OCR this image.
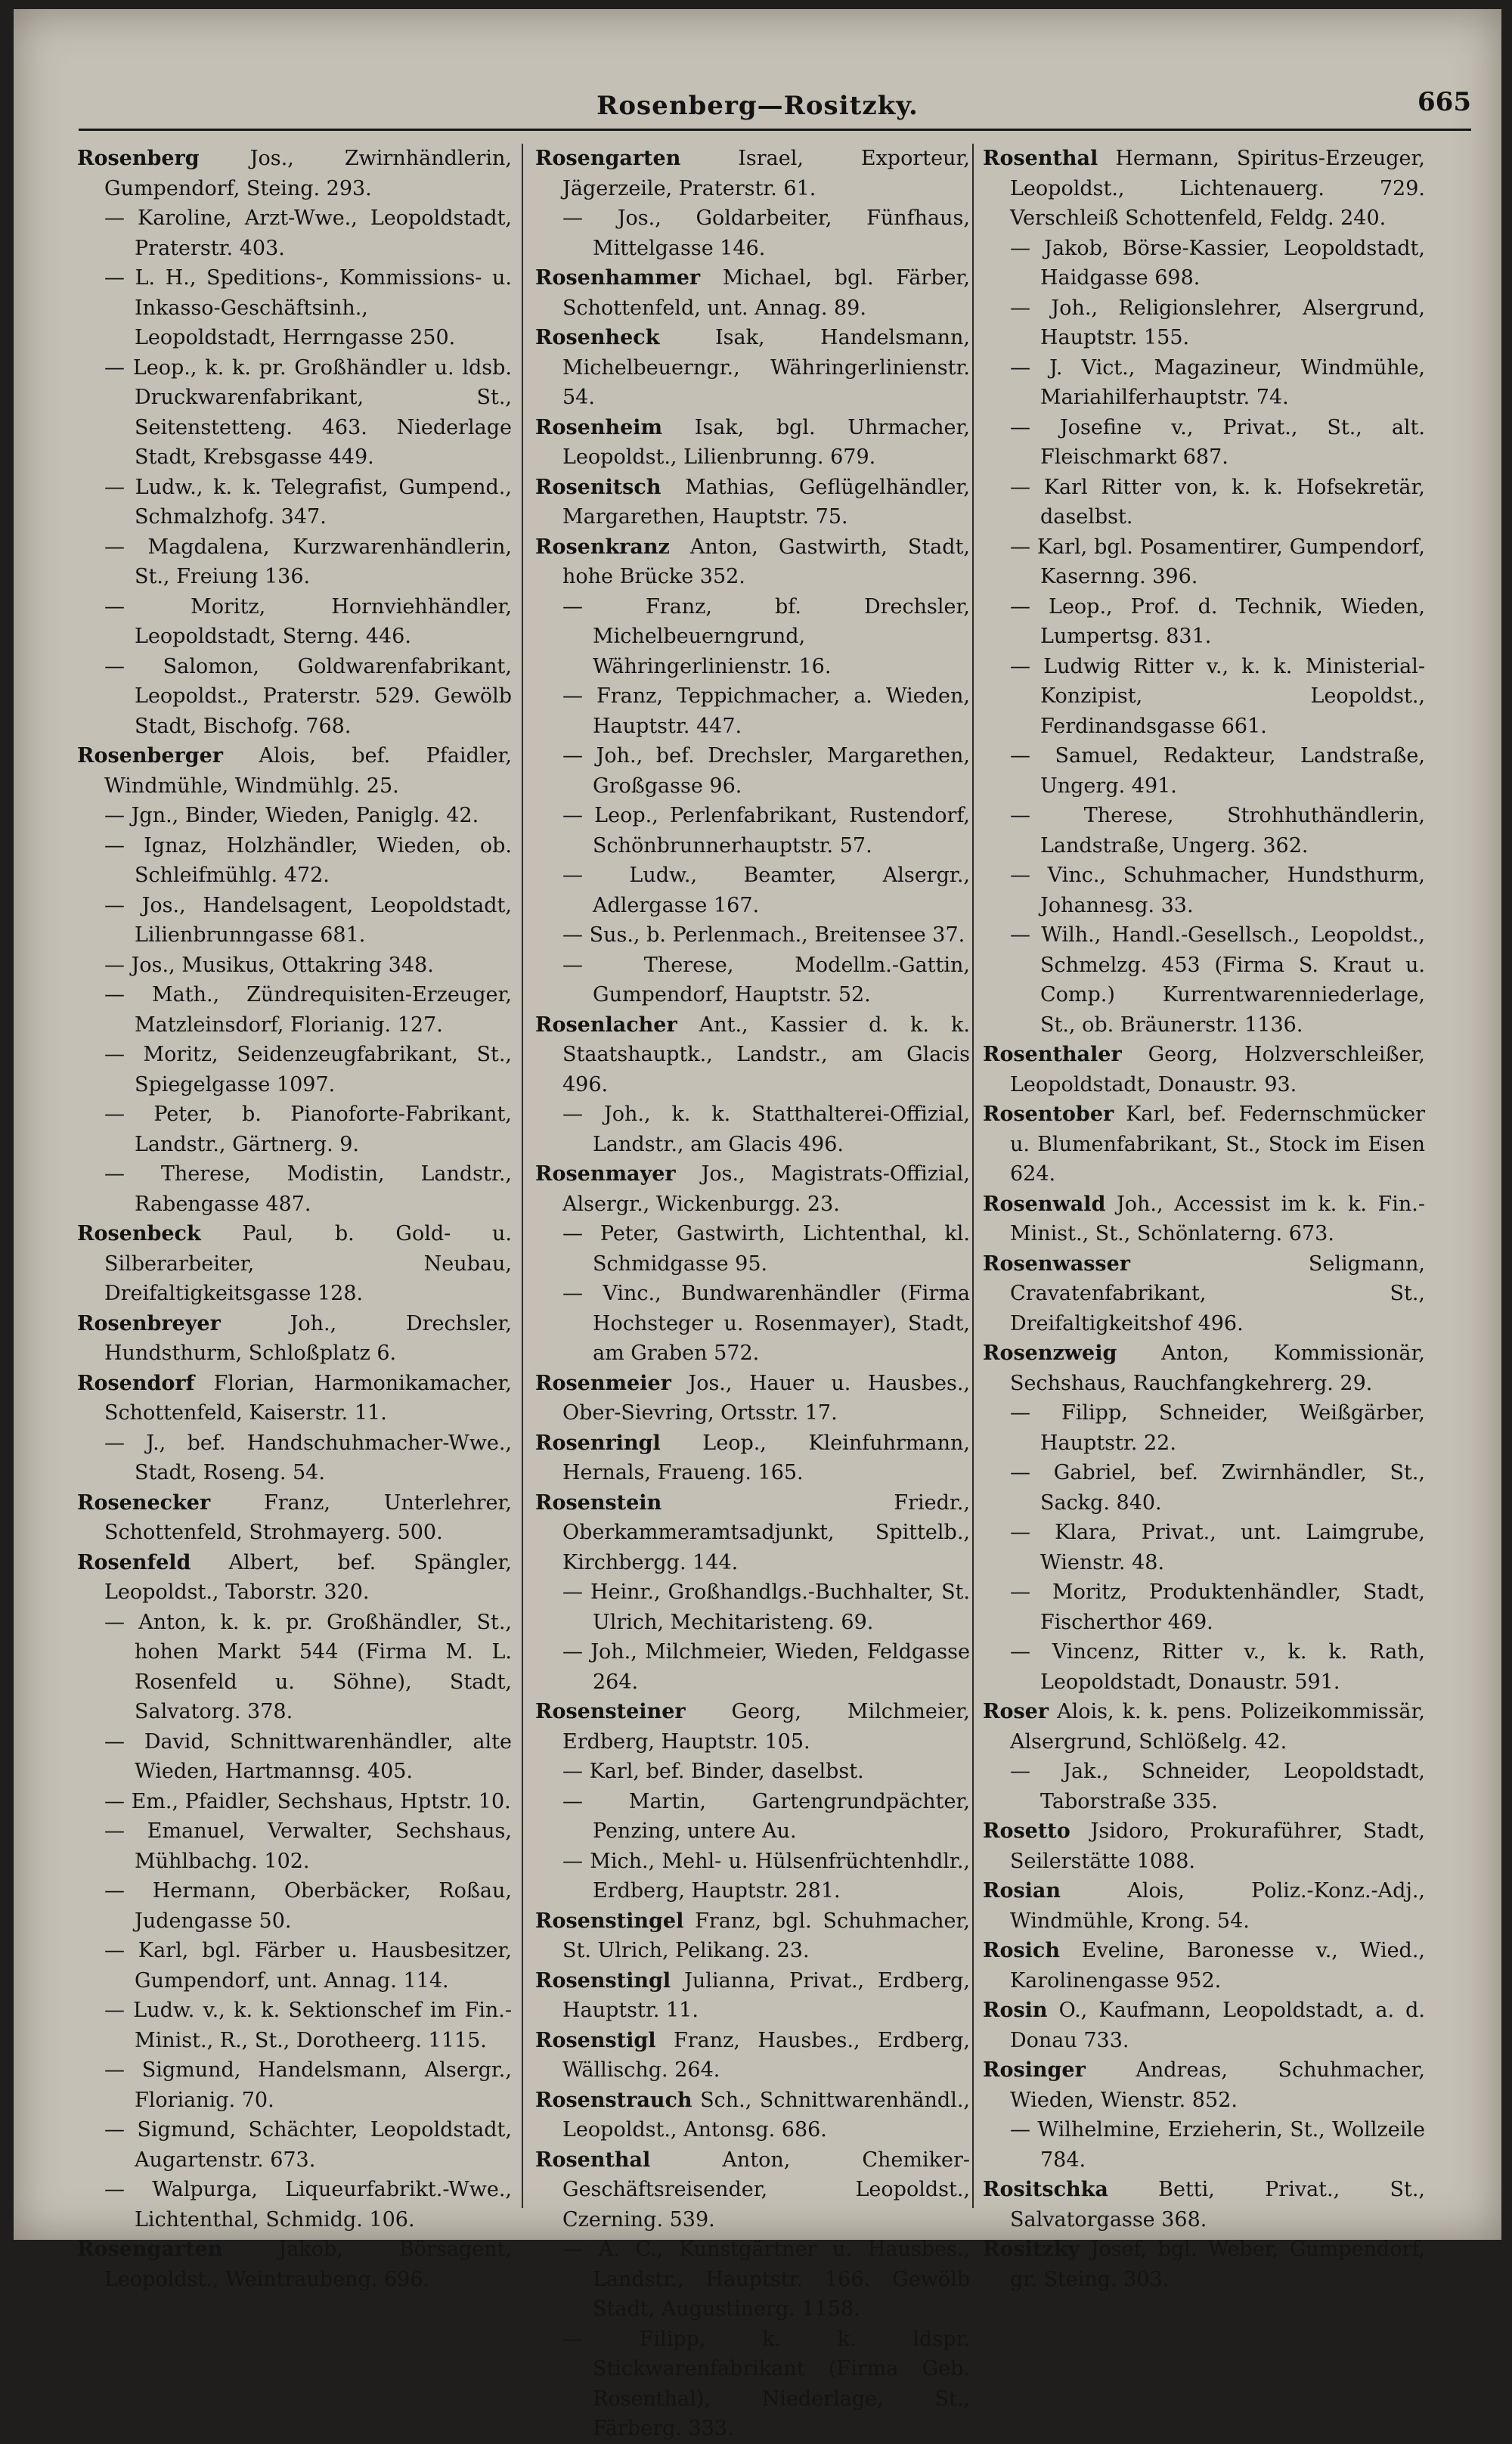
Rosenberg—Rositzky.	665

Rosenberg Jos., Zwirnhändlerin, Gumpendorf, Steing. 293.

— Karoline, Arzt-Wwe., Leopoldstadt, Praterstr. 403.

— L. H., Speditions-, Kommissions- u. Inkasso-Geschäftsinh., Leopoldstadt, Herrngasse 250.

— Leop., k. k. pr. Großhändler u. ldsb. Druckwarenfabrikant, St., Seitenstetteng. 463. Niederlage Stadt, Krebsgasse 449.

— Ludw., k. k. Telegrafist, Gumpend., Schmalzhofg. 347.

— Magdalena, Kurzwarenhändlerin, St., Freiung 136.

—	Moritz, Hornviehhändler, Leopoldstadt, Sterng. 446.

— Salomon, Goldwarenfabrikant, Leopoldst., Praterstr. 529. Gewölb Stadt, Bischofg. 768.

Rosenberger Alois, bef. Pfaidler, Windmühle, Windmühlg. 25.

— Jgn., Binder, Wieden, Paniglg. 42.

— Ignaz, Holzhändler, Wieden, ob. Schleifmühlg. 472.

— Jos., Handelsagent, Leopoldstadt, Lilienbrunngasse 681.

— Jos., Musikus, Ottakring 348.

— Math., Zündrequisiten-Erzeuger, Matzleinsdorf, Florianig. 127.

— Moritz, Seidenzeugfabrikant, St., Spiegelgasse 1097.

— Peter, b. Pianoforte-Fabrikant, Landstr., Gärtnerg. 9.

— Therese, Modistin, Landstr., Rabengasse 487.

Rosenbeck Paul, b. Gold- u. Silberarbeiter, Neubau, Dreifaltigkeitsgasse 128.

Rosenbreyer	Joh., Drechsler, Hundsthurm, Schloßplatz 6.

Rosendorf Florian, Harmonikamacher, Schottenfeld, Kaiserstr. 11.

— J., bef. Handschuhmacher-Wwe., Stadt, Roseng. 54.

Rosenecker	Franz, Unterlehrer, Schottenfeld, Strohmayerg. 500.

Rosenfeld Albert, bef. Spängler, Leopoldst., Taborstr. 320.

— Anton, k. k. pr. Großhändler, St., hohen Markt 544 (Firma M. L. Rosenfeld u. Söhne), Stadt, Salvatorg. 378.

— David, Schnittwarenhändler, alte Wieden, Hartmannsg. 405.

— Em., Pfaidler, Sechshaus, Hptstr. 10.

— Emanuel, Verwalter, Sechshaus, Mühlbachg. 102.

— Hermann, Oberbäcker, Roßau, Judengasse 50.

— Karl, bgl. Färber u. Hausbesitzer, Gumpendorf, unt. Annag. 114.

— Ludw. v., k. k. Sektionschef im Fin.-Minist., R., St., Dorotheerg. 1115.

— Sigmund, Handelsmann, Alsergr., Florianig. 70.

— Sigmund, Schächter, Leopoldstadt, Augartenstr. 673.

— Walpurga, Liqueurfabrikt.-Wwe., Lichtenthal, Schmidg. 106.

Rosengarten	Jakob, Börsagent, Leopoldst., Weintraubeng. 696.

Rosengarten	Israel, Exporteur, Jägerzeile, Praterstr. 61.

— Jos., Goldarbeiter, Fünfhaus, Mittelgasse 146.

Rosenhammer Michael, bgl. Färber, Schottenfeld, unt. Annag. 89.

Rosenheck	Isak, Handelsmann, Michelbeuerngr., Währingerlinienstr. 54.

Rosenheim Isak, bgl. Uhrmacher, Leopoldst., Lilienbrunng. 679.

Rosenitsch Mathias, Geflügelhändler, Margarethen, Hauptstr. 75.

Rosenkranz Anton, Gastwirth, Stadt, hohe Brücke 352.

—	Franz, bf. Drechsler, Michelbeuerngrund, Währingerlinienstr. 16.

— Franz, Teppichmacher, a. Wieden, Hauptstr. 447.

— Joh., bef. Drechsler, Margarethen, Großgasse 96.

— Leop., Perlenfabrikant, Rustendorf, Schönbrunnerhauptstr. 57.

— Ludw., Beamter, Alsergr., Adlergasse 167.

— Sus., b. Perlenmach., Breitensee 37.

—	Therese, Modellm.-Gattin, Gumpendorf, Hauptstr. 52.

Rosenlacher Ant., Kassier d. k. k. Staatshauptk., Landstr., am Glacis 496.

— Joh., k. k. Statthalterei-Offizial, Landstr., am Glacis 496.

Rosenmayer Jos., Magistrats-Offizial, Alsergr., Wickenburgg. 23.

— Peter, Gastwirth, Lichtenthal, kl. Schmidgasse 95.

— Vinc., Bundwarenhändler (Firma Hochsteger u. Rosenmayer), Stadt, am Graben 572.

Rosenmeier Jos., Hauer u. Hausbes., Ober-Sievring, Ortsstr. 17.

Rosenringl Leop., Kleinfuhrmann, Hernals, Fraueng. 165.

Rosenstein	Friedr., Oberkammeramtsadjunkt, Spittelb., Kirchbergg. 144.

— Heinr., Großhandlgs.-Buchhalter, St. Ulrich, Mechitaristeng. 69.

— Joh., Milchmeier, Wieden, Feldgasse 264.

Rosensteiner Georg, Milchmeier, Erdberg, Hauptstr. 105.

— Karl, bef. Binder, daselbst.

— Martin, Gartengrundpächter, Penzing, untere Au.

— Mich., Mehl- u. Hülsenfrüchtenhdlr., Erdberg, Hauptstr. 281.

Rosenstingel Franz, bgl. Schuhmacher, St. Ulrich, Pelikang. 23.

Rosenstingl Julianna, Privat., Erdberg, Hauptstr. 11.

Rosenstigl Franz, Hausbes., Erdberg, Wällischg. 264.

Rosenstrauch Sch., Schnittwarenhändl., Leopoldst., Antonsg. 686.

Rosenthal	Anton, Chemiker-Geschäftsreisender, Leopoldst., Czerning. 539.

— A. C., Kunstgärtner u. Hausbes., Landstr., Hauptstr. 166. Gewölb Stadt, Augustinerg. 1158.

—	Filipp, k. k. ldspr. Stickwarenfabrikant (Firma Geb. Rosenthal), Niederlage, St., Färberg. 333.

Rosenthal Hermann, Spiritus-Erzeuger, Leopoldst., Lichtenauerg. 729. Verschleiß Schottenfeld, Feldg. 240.

— Jakob, Börse-Kassier, Leopoldstadt, Haidgasse 698.

— Joh., Religionslehrer, Alsergrund, Hauptstr. 155.

— J. Vict., Magazineur, Windmühle, Mariahilferhauptstr. 74.

— Josefine v., Privat., St., alt. Fleischmarkt 687.

— Karl Ritter von, k. k. Hofsekretär, daselbst.

— Karl, bgl. Posamentirer, Gumpendorf, Kasernng. 396.

— Leop., Prof. d. Technik, Wieden, Lumpertsg. 831.

— Ludwig Ritter v., k. k. Ministerial-Konzipist, Leopoldst., Ferdinandsgasse 661.

— Samuel, Redakteur, Landstraße, Ungerg. 491.

—	Therese, Strohhuthändlerin, Landstraße, Ungerg. 362.

— Vinc., Schuhmacher, Hundsthurm, Johannesg. 33.

— Wilh., Handl.-Gesellsch., Leopoldst., Schmelzg. 453 (Firma S. Kraut u. Comp.) Kurrentwarenniederlage, St., ob. Bräunerstr. 1136.

Rosenthaler Georg, Holzverschleißer, Leopoldstadt, Donaustr. 93.

Rosentober Karl, bef. Federnschmücker u. Blumenfabrikant, St., Stock im Eisen 624.

Rosenwald Joh., Accessist im k. k. Fin.-Minist., St., Schönlaterng. 673.

Rosenwasser	Seligmann, Cravatenfabrikant, St., Dreifaltigkeitshof 496.

Rosenzweig Anton, Kommissionär, Sechshaus, Rauchfangkehrerg. 29.

— Filipp, Schneider, Weißgärber, Hauptstr. 22.

— Gabriel, bef. Zwirnhändler, St., Sackg. 840.

— Klara, Privat., unt. Laimgrube, Wienstr. 48.

— Moritz, Produktenhändler, Stadt, Fischerthor 469.

— Vincenz, Ritter v., k. k. Rath, Leopoldstadt, Donaustr. 591.

Roser Alois, k. k. pens. Polizeikommissär, Alsergrund, Schlößelg. 42.

— Jak., Schneider, Leopoldstadt, Taborstraße 335.

Rosetto Jsidoro, Prokuraführer, Stadt, Seilerstätte 1088.

Rosian	Alois, Poliz.-Konz.-Adj., Windmühle, Krong. 54.

Rosich Eveline, Baronesse v., Wied., Karolinengasse 952.

Rosin O., Kaufmann, Leopoldstadt, a. d. Donau 733.

Rosinger Andreas, Schuhmacher, Wieden, Wienstr. 852.

— Wilhelmine, Erzieherin, St., Wollzeile 784.

Rositschka Betti, Privat., St., Salvatorgasse 368.

Rositzky Josef, bgl. Weber, Gumpendorf, gr. Steing. 303.
